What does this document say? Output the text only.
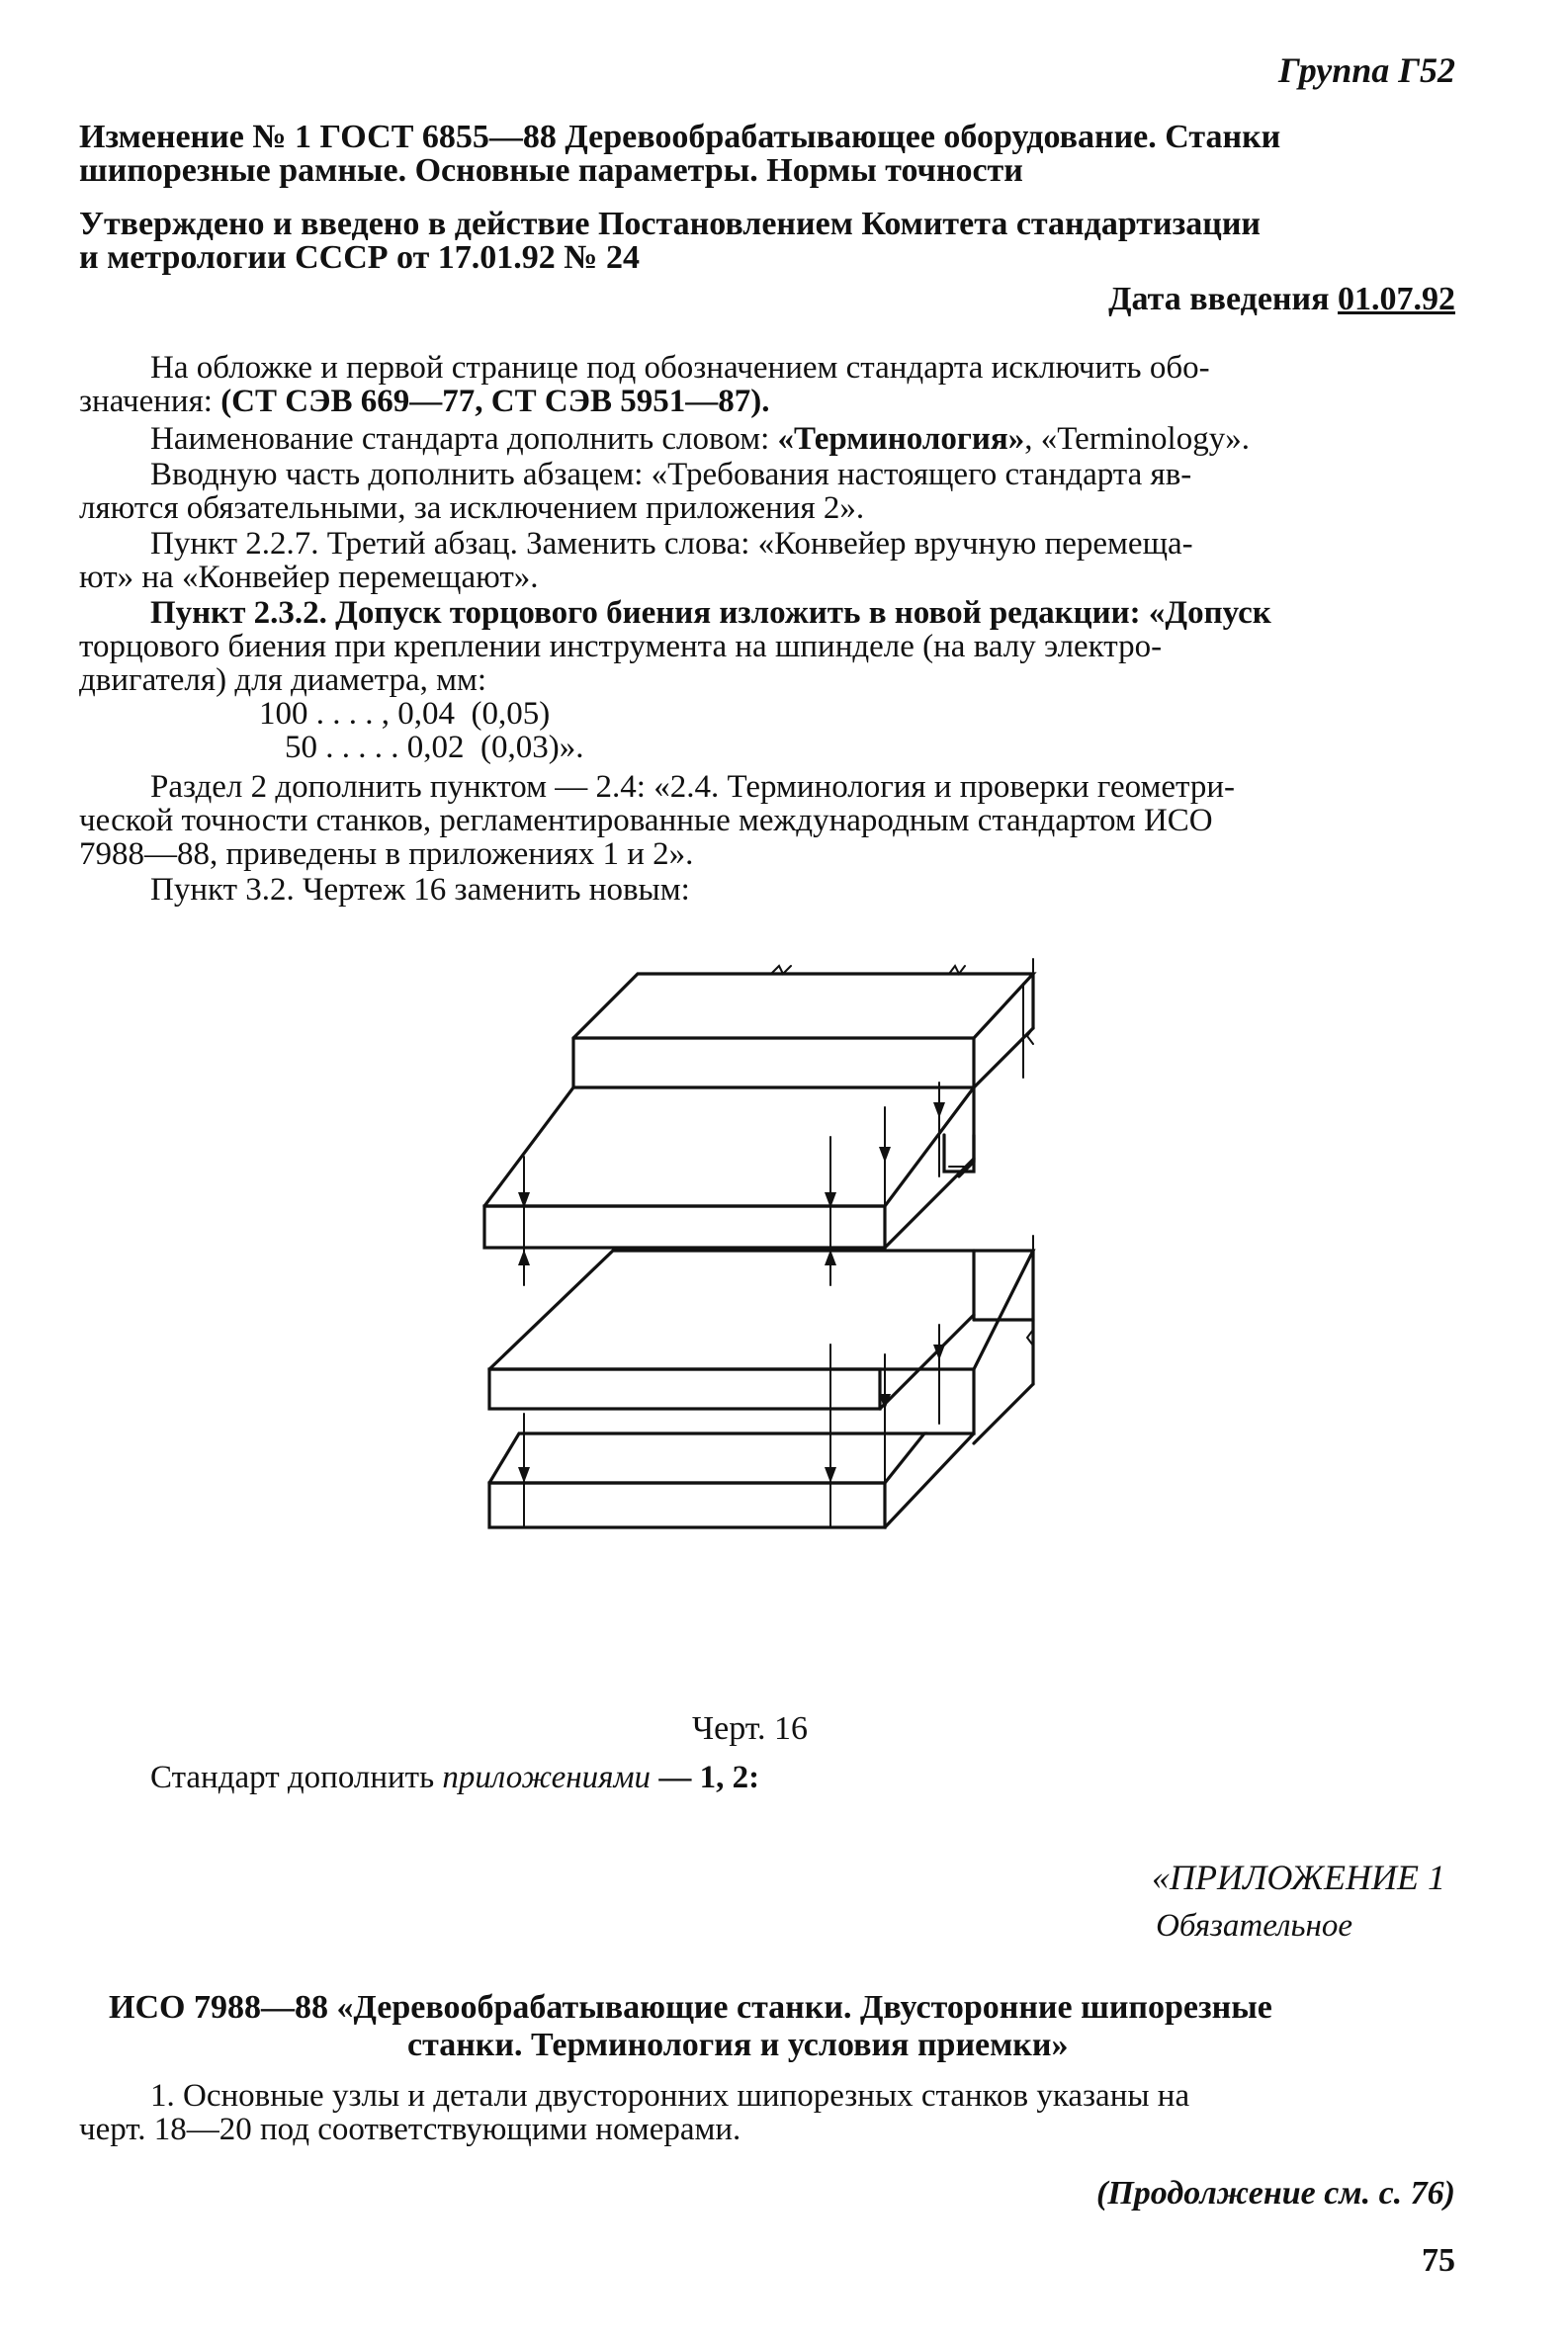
Группа Г52
Изменение № 1 ГОСТ 6855—88 Деревообрабатывающее оборудование. Станки
шипорезные рамные. Основные параметры. Нормы точности
Утверждено и введено в действие Постановлением Комитета стандартизации
и метрологии СССР от 17.01.92 № 24
Дата введения 01.07.92
На обложке и первой странице под обозначением стандарта исключить обо-
значения: (СТ СЭВ 669—77, СТ СЭВ 5951—87).
Наименование стандарта дополнить словом: «Терминология», «Terminology».
Вводную часть дополнить абзацем: «Требования настоящего стандарта яв-
ляются обязательными, за исключением приложения 2».
Пункт 2.2.7. Третий абзац. Заменить слова: «Конвейер вручную перемеща-
ют» на «Конвейер перемещают».
Пункт 2.3.2. Допуск торцового биения изложить в новой редакции: «Допуск
торцового биения при креплении инструмента на шпинделе (на валу электро-
двигателя) для диаметра, мм:
100 . . . . , 0,04  (0,05)
50 . . . . . 0,02  (0,03)».
Раздел 2 дополнить пунктом — 2.4: «2.4. Терминология и проверки геометри-
ческой точности станков, регламентированные международным стандартом ИСО
7988—88, приведены в приложениях 1 и 2».
Пункт 3.2. Чертеж 16 заменить новым:
Черт. 16
Стандарт дополнить приложениями — 1, 2:
«ПРИЛОЖЕНИЕ 1
Обязательное
ИСО 7988—88 «Деревообрабатывающие станки. Двусторонние шипорезные
станки. Терминология и условия приемки»
1. Основные узлы и детали двусторонних шипорезных станков указаны на
черт. 18—20 под соответствующими номерами.
(Продолжение см. с. 76)
75
